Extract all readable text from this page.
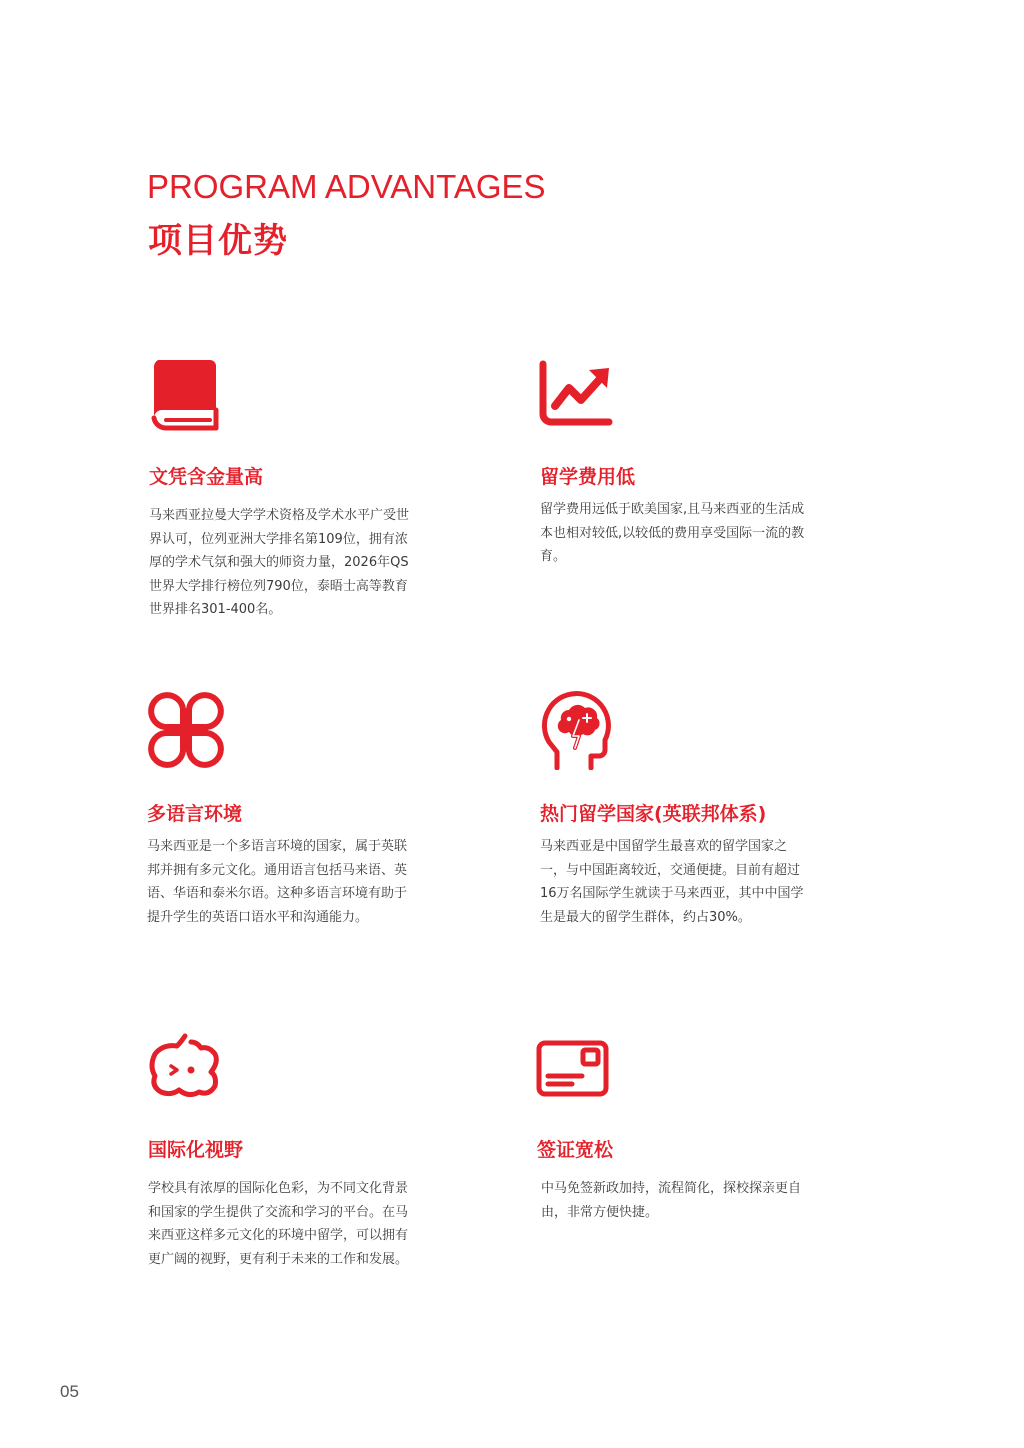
PROGRAM ADVANTAGES
项目优势
文凭含金量高

马来西亚拉曼大学学术资格及学术水平广受世界认可，位列亚洲大学排名第109位，拥有浓厚的学术气氛和强大的师资力量，2026年QS世界大学排行榜位列790位，泰晤士高等教育世界排名301-400名。

留学费用低

留学费用远低于欧美国家,且马来西亚的生活成本也相对较低,以较低的费用享受国际一流的教育。

多语言环境

马来西亚是一个多语言环境的国家，属于英联邦并拥有多元文化。通用语言包括马来语、英语、华语和泰米尔语。这种多语言环境有助于提升学生的英语口语水平和沟通能力。

热门留学国家(英联邦体系)

马来西亚是中国留学生最喜欢的留学国家之一，与中国距离较近，交通便捷。目前有超过16万名国际学生就读于马来西亚，其中中国学生是最大的留学生群体，约占30%。

国际化视野

学校具有浓厚的国际化色彩，为不同文化背景和国家的学生提供了交流和学习的平台。在马来西亚这样多元文化的环境中留学，可以拥有更广阔的视野，更有利于未来的工作和发展。

签证宽松

中马免签新政加持，流程简化，探校探亲更自由，非常方便快捷。

05
